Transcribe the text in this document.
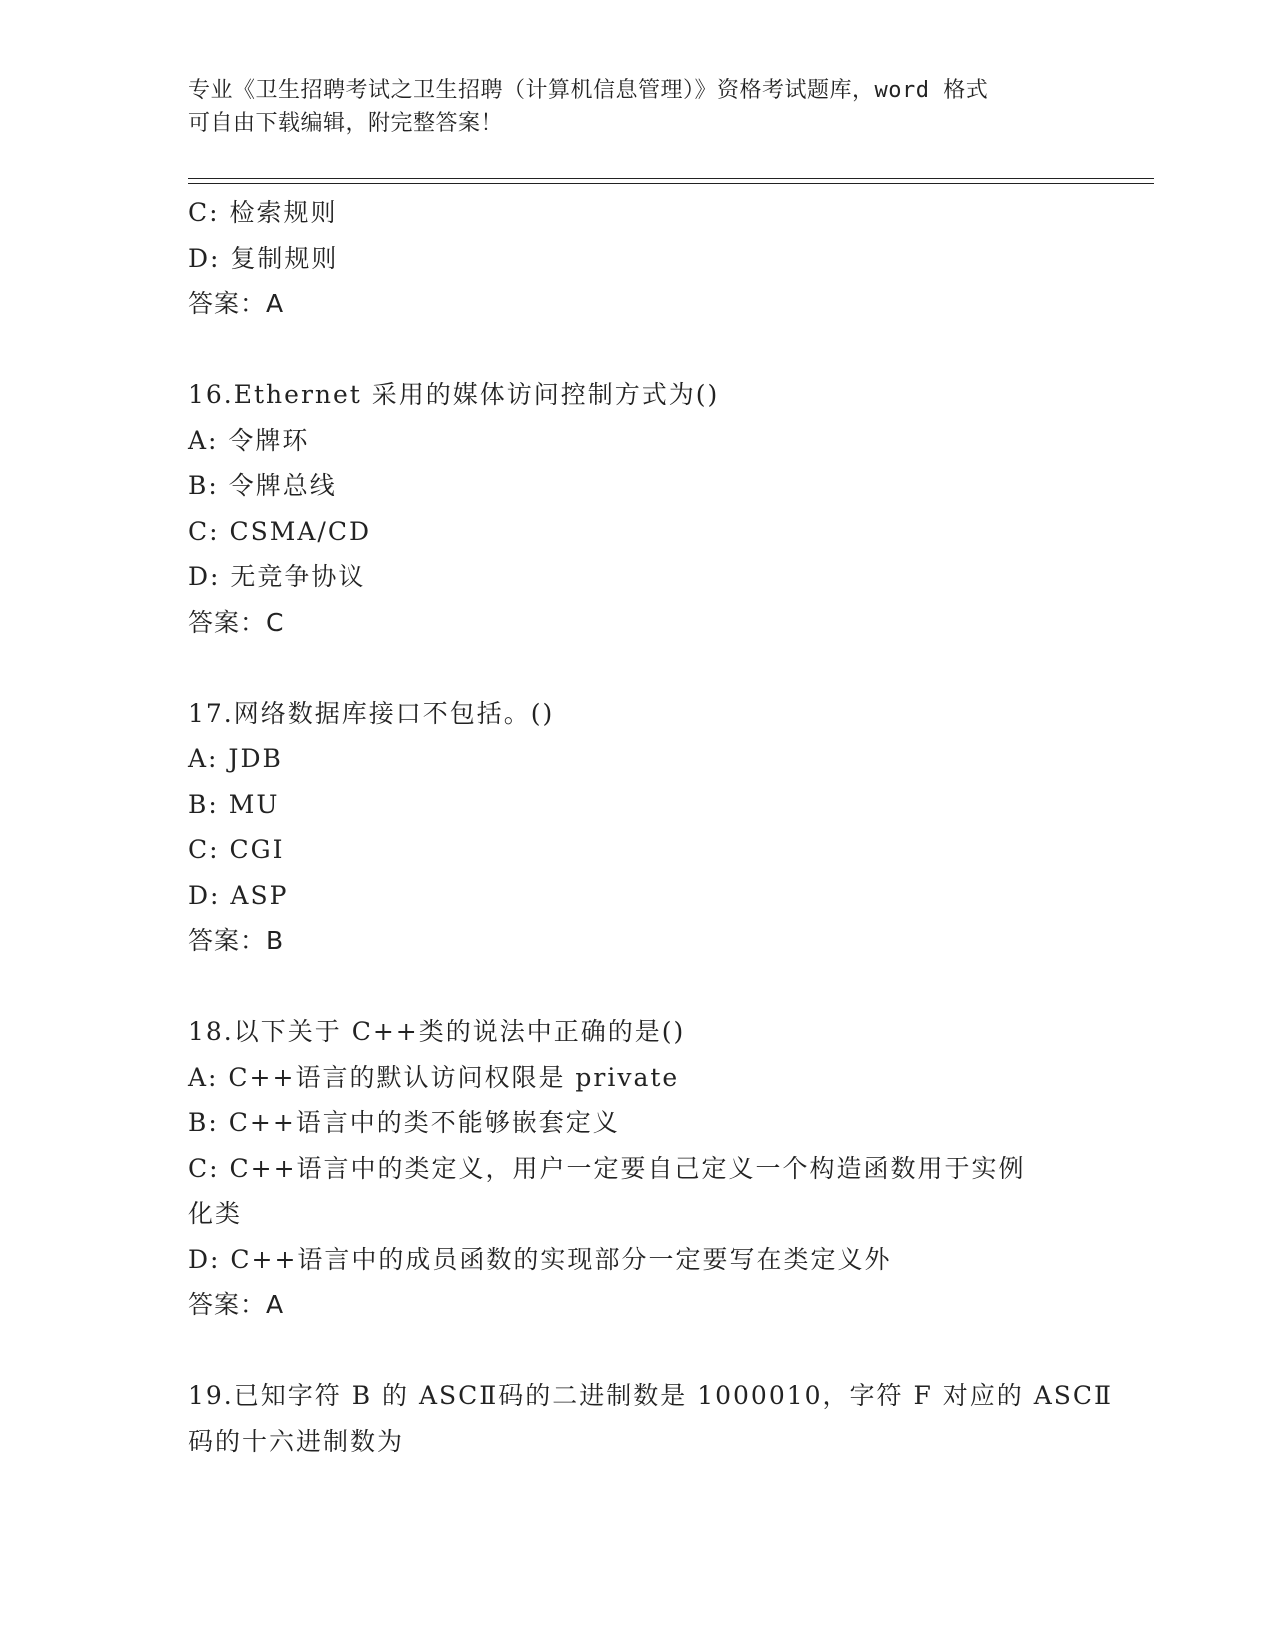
专业《卫生招聘考试之卫生招聘（计算机信息管理）》资格考试题库，word 格式
可自由下载编辑，附完整答案！
C: 检索规则
D: 复制规则
答案：A
16.Ethernet 采用的媒体访问控制方式为()
A: 令牌环
B: 令牌总线
C: CSMA/CD
D: 无竞争协议
答案：C
17.网络数据库接口不包括。()
A: JDB
B: MU
C: CGI
D: ASP
答案：B
18.以下关于 C++类的说法中正确的是()
A: C++语言的默认访问权限是 private
B: C++语言中的类不能够嵌套定义
C: C++语言中的类定义，用户一定要自己定义一个构造函数用于实例
化类
D: C++语言中的成员函数的实现部分一定要写在类定义外
答案：A
19.已知字符 B 的 ASCⅡ码的二进制数是 1000010，字符 F 对应的 ASCⅡ
码的十六进制数为
